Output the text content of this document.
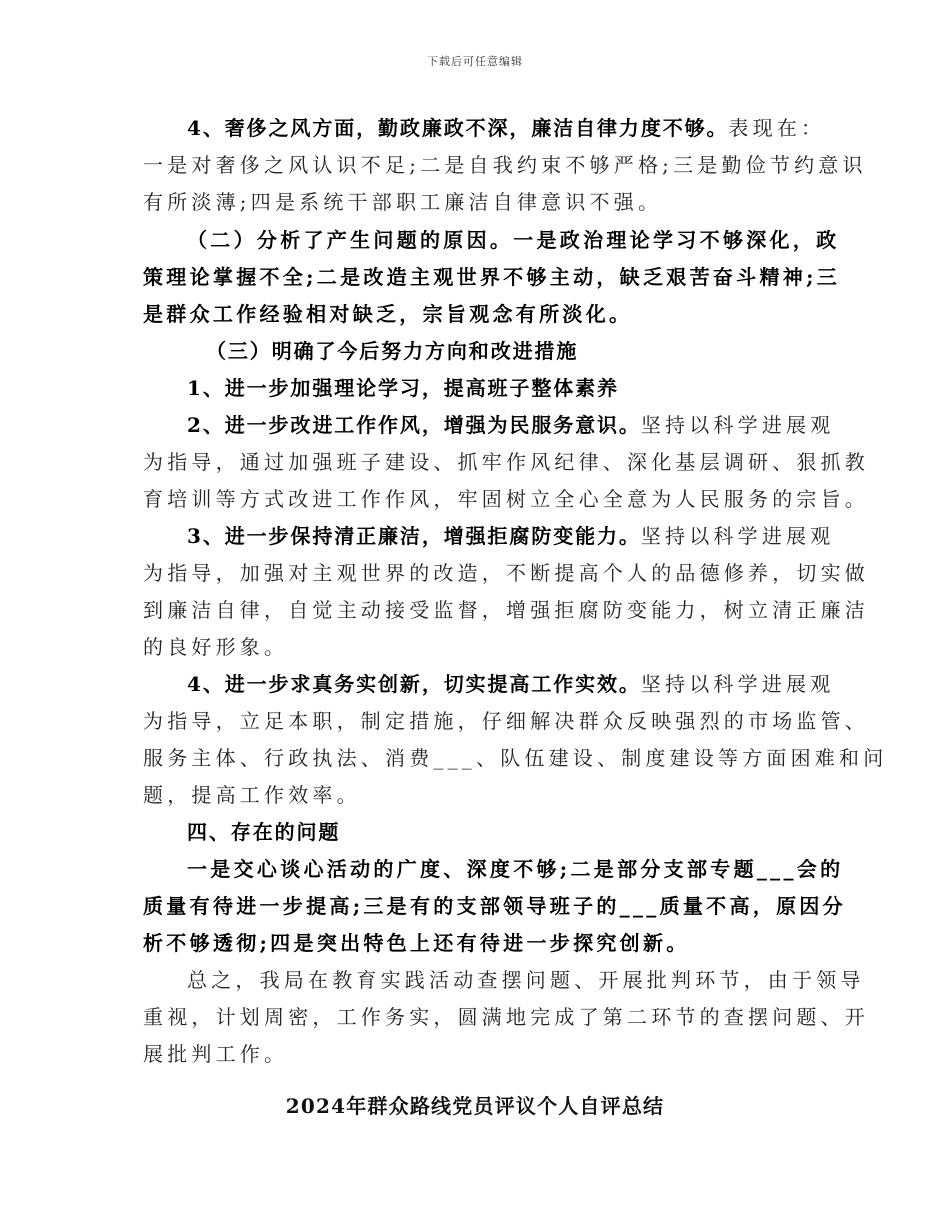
下载后可任意编辑
4、奢侈之风方面，勤政廉政不深，廉洁自律力度不够。表现在：
一是对奢侈之风认识不足;二是自我约束不够严格;三是勤俭节约意识
有所淡薄;四是系统干部职工廉洁自律意识不强。
（二）分析了产生问题的原因。一是政治理论学习不够深化，政
策理论掌握不全;二是改造主观世界不够主动，缺乏艰苦奋斗精神;三
是群众工作经验相对缺乏，宗旨观念有所淡化。
（三）明确了今后努力方向和改进措施
1、进一步加强理论学习，提高班子整体素养
2、进一步改进工作作风，增强为民服务意识。坚持以科学进展观
为指导，通过加强班子建设、抓牢作风纪律、深化基层调研、狠抓教
育培训等方式改进工作作风，牢固树立全心全意为人民服务的宗旨。
3、进一步保持清正廉洁，增强拒腐防变能力。坚持以科学进展观
为指导，加强对主观世界的改造，不断提高个人的品德修养，切实做
到廉洁自律，自觉主动接受监督，增强拒腐防变能力，树立清正廉洁
的良好形象。
4、进一步求真务实创新，切实提高工作实效。坚持以科学进展观
为指导，立足本职，制定措施，仔细解决群众反映强烈的市场监管、
服务主体、行政执法、消费___、队伍建设、制度建设等方面困难和问
题，提高工作效率。
四、存在的问题
一是交心谈心活动的广度、深度不够;二是部分支部专题___会的
质量有待进一步提高;三是有的支部领导班子的___质量不高，原因分
析不够透彻;四是突出特色上还有待进一步探究创新。
总之，我局在教育实践活动查摆问题、开展批判环节，由于领导
重视，计划周密，工作务实，圆满地完成了第二环节的查摆问题、开
展批判工作。
2024年群众路线党员评议个人自评总结
